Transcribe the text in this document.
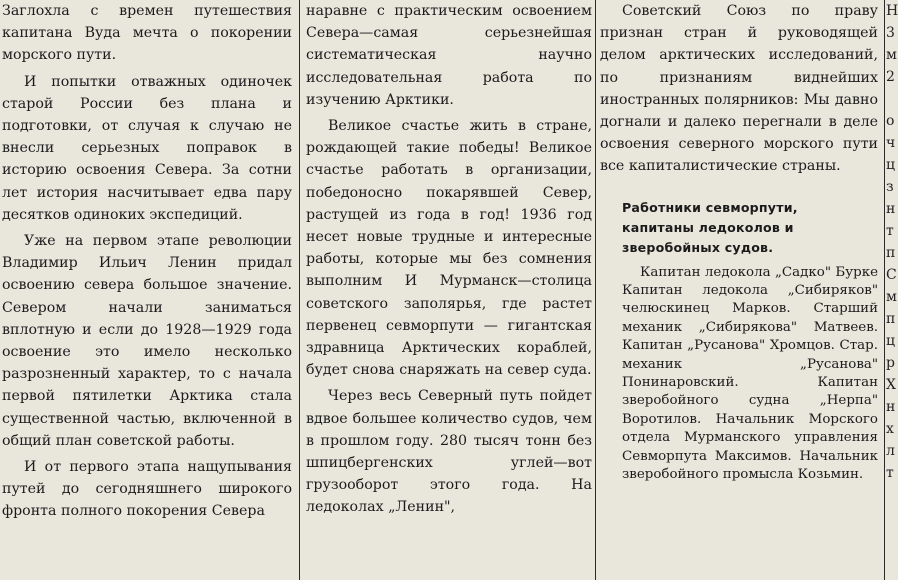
Заглохла с времен путешествия капитана Вуда мечта о покорении морского пути.

И попытки отважных одиночек старой России без плана и подготовки, от случая к случаю не внесли серьезных поправок в историю освоения Севера. За сотни лет история насчитывает едва пару десятков одиноких экспедиций.

Уже на первом этапе революции Владимир Ильич Ленин придал освоению севера большое значение. Севером начали заниматься вплотную и если до 1928—1929 года освоение это имело несколько разрозненный характер, то с начала первой пятилетки Арктика стала существенной частью, включенной в общий план советской работы.

И от первого этапа нащупывания путей до сегодняшнего широкого фронта полного покорения Севера

наравне с практическим освоением Севера—самая серьезнейшая систематическая научно исследовательная работа по изучению Арктики.

Великое счастье жить в стране, рождающей такие победы! Великое счастье работать в организации, победоносно покарявшей Север, растущей из года в год! 1936 год несет новые трудные и интересные работы, которые мы без сомнения выполним И Мурманск—столица советского заполярья, где растет первенец севморпути — гигантская здравница Арктических кораблей, будет снова снаряжать на север суда.

Через весь Северный путь пойдет вдвое большее количество судов, чем в прошлом году. 280 тысяч тонн без шпицбергенских углей—вот грузооборот этого года. На ледоколах „Ленин",

Советский Союз по праву признан стран й руководящей делом арктических исследований, по признаниям виднейших иностранных полярников: Мы давно догнали и далеко перегнали в деле освоения северного морского пути все капиталистические страны.

Работники севморпути, капитаны ледоколов и зверобойных судов.

Капитан ледокола „Садко" Бурке Капитан ледокола „Сибиряков" челюскинец Марков. Старший механик „Сибирякова" Матвеев. Капитан „Русанова" Хромцов. Стар. механик „Русанова" Понинаровский. Капитан зверобойного судна „Нерпа" Воротилов. Начальник Морского отдела Мурманского управления Севморпута Максимов. Начальник зверобойного промысла Козьмин.

Н
3
м
2

о
ч
ц
з
н
т
п
С
м
п
ц
р
Х
н
х
л
т
